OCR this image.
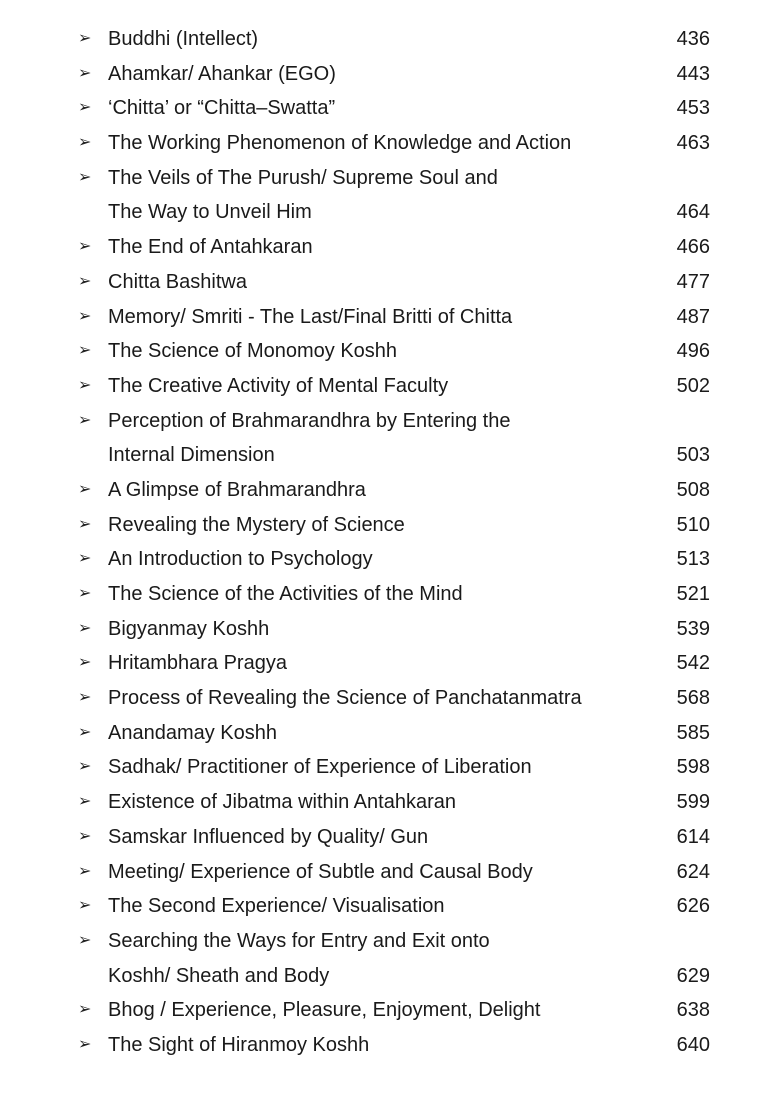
➢ Buddhi (Intellect)	436
➢ Ahamkar/ Ahankar (EGO)	443
➢ ‘Chitta’ or “Chitta–Swatta”	453
➢ The Working Phenomenon of Knowledge and Action	463
➢ The Veils of The Purush/ Supreme Soul and
The Way to Unveil Him	464
➢ The End of Antahkaran	466
➢ Chitta Bashitwa	477
➢ Memory/ Smriti - The Last/Final Britti of Chitta	487
➢ The Science of Monomoy Koshh	496
➢ The Creative Activity of Mental Faculty	502
➢ Perception of Brahmarandhra by Entering the
Internal Dimension	503
➢ A Glimpse of Brahmarandhra	508
➢ Revealing the Mystery of Science	510
➢ An Introduction to Psychology	513
➢ The Science of the Activities of the Mind	521
➢ Bigyanmay Koshh	539
➢ Hritambhara Pragya	542
➢ Process of Revealing the Science of Panchatanmatra	568
➢ Anandamay Koshh	585
➢ Sadhak/ Practitioner of Experience of Liberation	598
➢ Existence of Jibatma within Antahkaran	599
➢ Samskar Influenced by Quality/ Gun	614
➢ Meeting/ Experience of Subtle and Causal Body	624
➢ The Second Experience/ Visualisation	626
➢ Searching the Ways for Entry and Exit onto
Koshh/ Sheath and Body	629
➢ Bhog / Experience, Pleasure, Enjoyment, Delight	638
➢ The Sight of Hiranmoy Koshh	640
